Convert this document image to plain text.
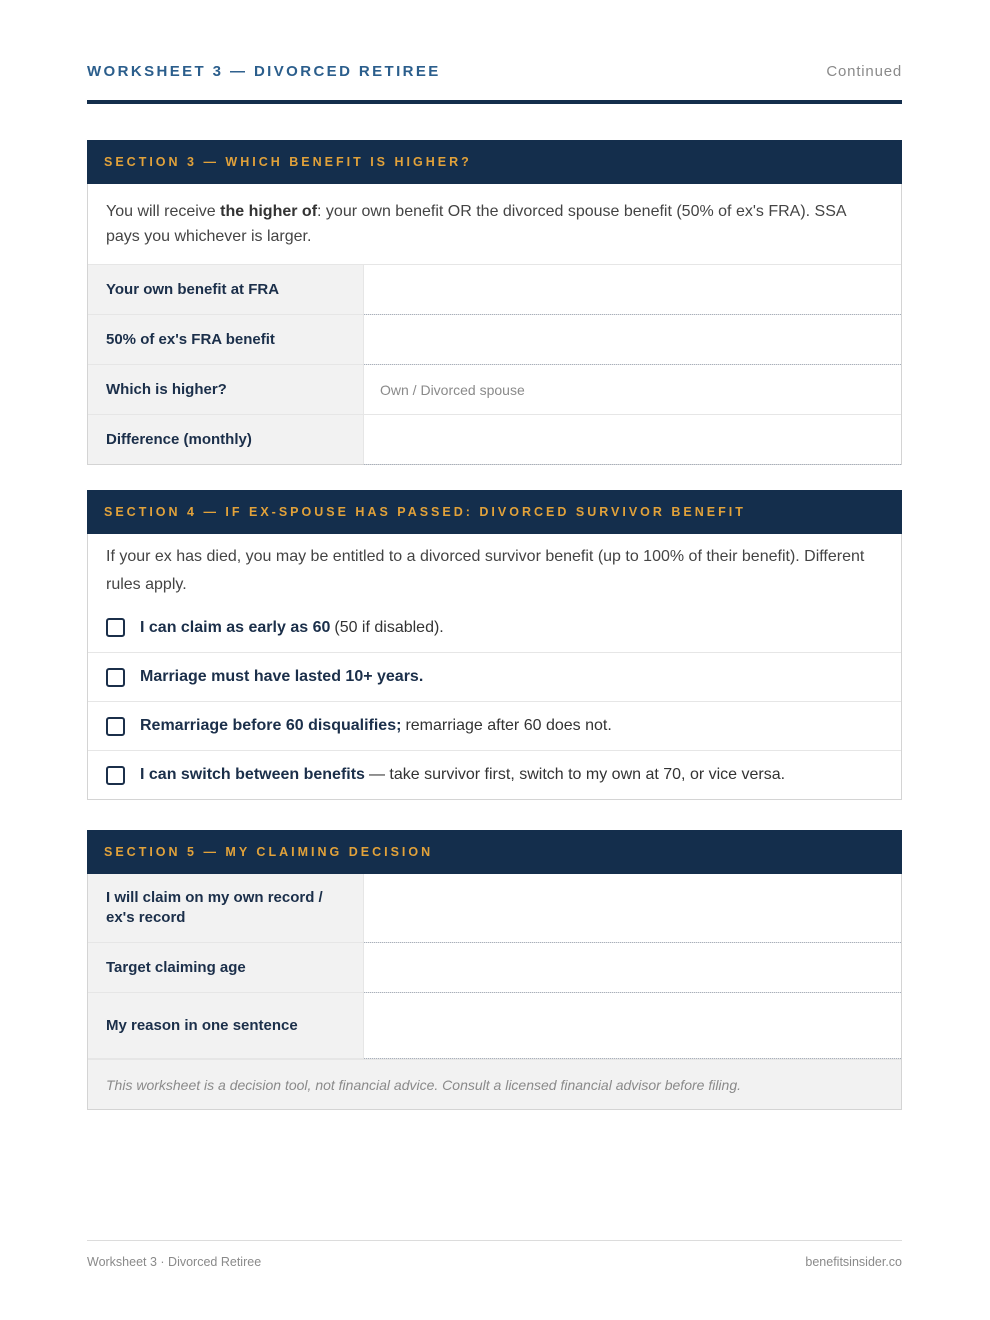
WORKSHEET 3 — DIVORCED RETIREE	Continued
SECTION 3 — WHICH BENEFIT IS HIGHER?
You will receive the higher of: your own benefit OR the divorced spouse benefit (50% of ex's FRA). SSA pays you whichever is larger.
Your own benefit at FRA
50% of ex's FRA benefit
Which is higher?	Own / Divorced spouse
Difference (monthly)
SECTION 4 — IF EX-SPOUSE HAS PASSED: DIVORCED SURVIVOR BENEFIT
If your ex has died, you may be entitled to a divorced survivor benefit (up to 100% of their benefit). Different rules apply.
I can claim as early as 60 (50 if disabled).
Marriage must have lasted 10+ years.
Remarriage before 60 disqualifies; remarriage after 60 does not.
I can switch between benefits — take survivor first, switch to my own at 70, or vice versa.
SECTION 5 — MY CLAIMING DECISION
I will claim on my own record / ex's record
Target claiming age
My reason in one sentence
This worksheet is a decision tool, not financial advice. Consult a licensed financial advisor before filing.
Worksheet 3 · Divorced Retiree	benefitsinsider.co
